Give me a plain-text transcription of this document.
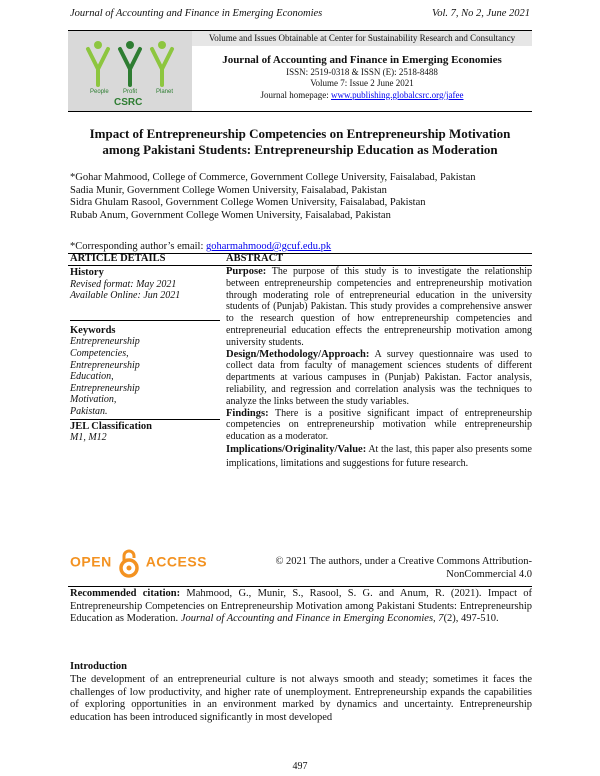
Journal of Accounting and Finance in Emerging Economies	Vol. 7, No 2, June 2021
People Profit	Planet
CSRC
Volume and Issues Obtainable at Center for Sustainability Research and Consultancy
Journal of Accounting and Finance in Emerging Economies
ISSN: 2519-0318 & ISSN (E): 2518-8488
Volume 7: Issue 2 June 2021
Journal homepage: www.publishing.globalcsrc.org/jafee
Impact of Entrepreneurship Competencies on Entrepreneurship Motivation
among Pakistani Students: Entrepreneurship Education as Moderation
*Gohar Mahmood, College of Commerce, Government College University, Faisalabad, Pakistan
Sadia Munir, Government College Women University, Faisalabad, Pakistan
Sidra Ghulam Rasool, Government College Women University, Faisalabad, Pakistan
Rubab Anum, Government College Women University, Faisalabad, Pakistan
*Corresponding author’s email: goharmahmood@gcuf.edu.pk
ARTICLE DETAILS	ABSTRACT
History
Revised format: May 2021
Available Online: Jun 2021
Keywords
Entrepreneurship
Competencies,
Entrepreneurship
Education,
Entrepreneurship
Motivation,
Pakistan.
JEL Classification
M1, M12

Purpose: The purpose of this study is to investigate the relationship between entrepreneurship competencies and entrepreneurship motivation through moderating role of entrepreneurial education in the university students of (Punjab) Pakistan. This study provides a comprehensive answer to the research question of how entrepreneurship competencies and entrepreneurial education effects the entrepreneurship motivation among university students.

Design/Methodology/Approach: A survey questionnaire was used to collect data from faculty of management sciences students of different departments at various campuses in (Punjab) Pakistan. Factor analysis, reliability, and regression and correlation analysis was the techniques to analyze the links between the study variables.

Findings: There is a positive significant impact of entrepreneurship competencies on entrepreneurship motivation while entrepreneurship education as a moderator.

Implications/Originality/Value: At the last, this paper also presents some implications, limitations and suggestions for future research.

OPEN ACCESS	© 2021 The authors, under a Creative Commons Attribution-
NonCommercial 4.0
Recommended citation: Mahmood, G., Munir, S., Rasool, S. G. and Anum, R. (2021). Impact of Entrepreneurship Competencies on Entrepreneurship Motivation among Pakistani Students: Entrepreneurship Education as Moderation. Journal of Accounting and Finance in Emerging Economies, 7(2), 497-510.
Introduction
The development of an entrepreneurial culture is not always smooth and steady; sometimes it faces the challenges of low productivity, and higher rate of unemployment. Entrepreneurship expands the capabilities of exploring opportunities in an environment marked by dynamics and uncertainty. Entrepreneurship education has been introduced significantly in most developed
497
